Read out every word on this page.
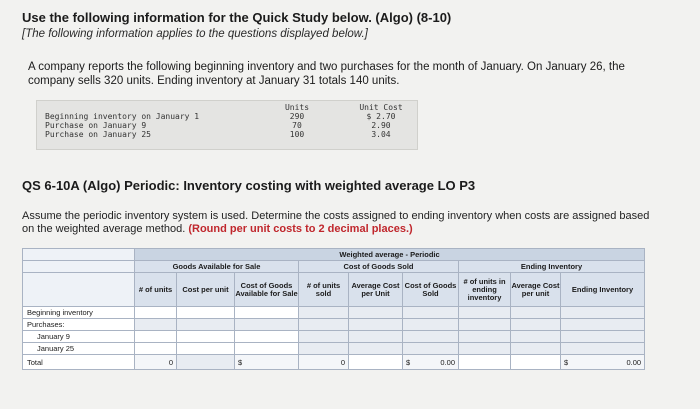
Use the following information for the Quick Study below. (Algo) (8-10)
[The following information applies to the questions displayed below.]
A company reports the following beginning inventory and two purchases for the month of January. On January 26, the company sells 320 units. Ending inventory at January 31 totals 140 units.
Units	Unit Cost
Beginning inventory on January 1	290	$ 2.70
Purchase on January 9	70	2.90
Purchase on January 25	100	3.04
QS 6-10A (Algo) Periodic: Inventory costing with weighted average LO P3
Assume the periodic inventory system is used. Determine the costs assigned to ending inventory when costs are assigned based on the weighted average method. (Round per unit costs to 2 decimal places.)
	Weighted average - Periodic								
	Goods Available for Sale			Cost of Goods Sold			Ending Inventory		
	# of units	Cost per unit	Cost of Goods Available for Sale	# of units sold	Average Cost per Unit	Cost of Goods Sold	# of units in ending inventory	Average Cost per unit	Ending Inventory
Beginning inventory									
Purchases:									
January 9									
January 25									
Total	0		$	0		$ 0.00			$ 0.00
